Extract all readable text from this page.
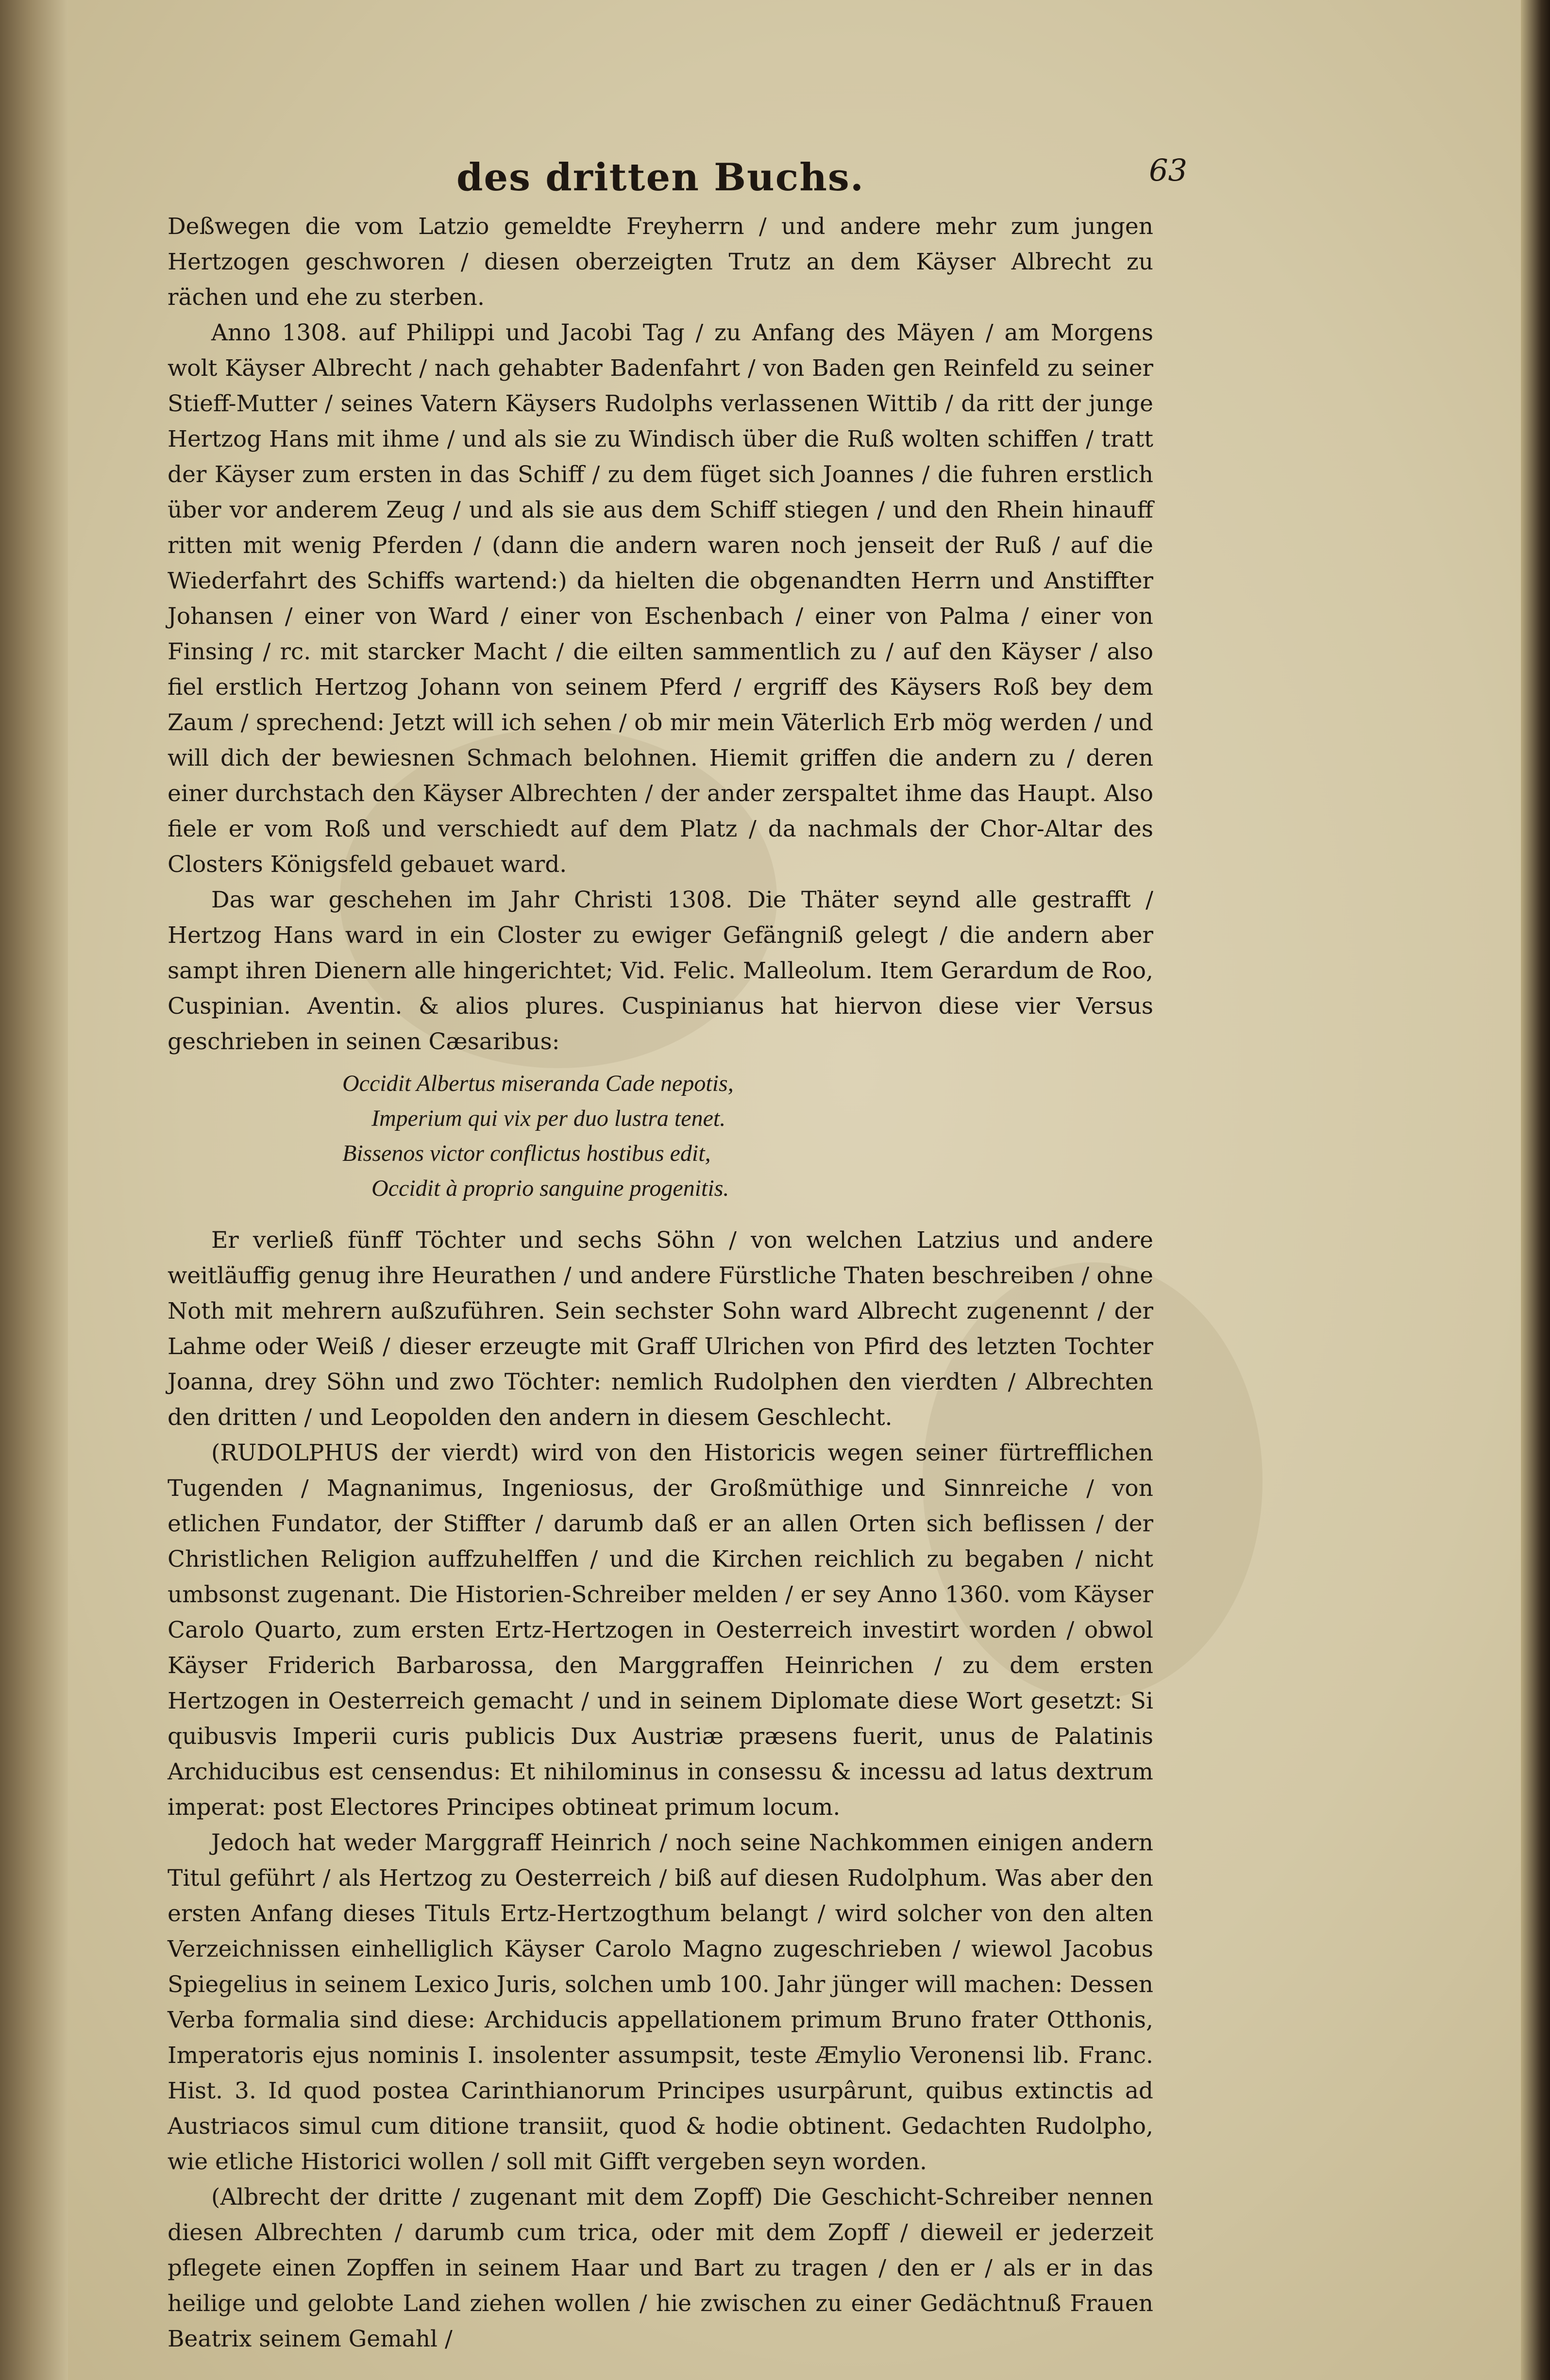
des dritten Buchs.	63

Deßwegen die vom Latzio gemeldte Freyherrn / und andere mehr zum jungen Hertzogen geschworen / diesen oberzeigten Trutz an dem Käyser Albrecht zu rächen und ehe zu sterben.

Anno 1308. auf Philippi und Jacobi Tag / zu Anfang des Mäyen / am Morgens wolt Käyser Albrecht / nach gehabter Badenfahrt / von Baden gen Reinfeld zu seiner Stieff-Mutter / seines Vatern Käysers Rudolphs verlassenen Wittib / da ritt der junge Hertzog Hans mit ihme / und als sie zu Windisch über die Ruß wolten schiffen / tratt der Käyser zum ersten in das Schiff / zu dem füget sich Joannes / die fuhren erstlich über vor anderem Zeug / und als sie aus dem Schiff stiegen / und den Rhein hinauff ritten mit wenig Pferden / (dann die andern waren noch jenseit der Ruß / auf die Wiederfahrt des Schiffs wartend:) da hielten die obgenandten Herrn und Anstiffter Johansen / einer von Ward / einer von Eschenbach / einer von Palma / einer von Finsing / rc. mit starcker Macht / die eilten sammentlich zu / auf den Käyser / also fiel erstlich Hertzog Johann von seinem Pferd / ergriff des Käysers Roß bey dem Zaum / sprechend: Jetzt will ich sehen / ob mir mein Väterlich Erb mög werden / und will dich der bewiesnen Schmach belohnen. Hiemit griffen die andern zu / deren einer durchstach den Käyser Albrechten / der ander zerspaltet ihme das Haupt. Also fiele er vom Roß und verschiedt auf dem Platz / da nachmals der Chor-Altar des Closters Königsfeld gebauet ward.

Das war geschehen im Jahr Christi 1308. Die Thäter seynd alle gestrafft / Hertzog Hans ward in ein Closter zu ewiger Gefängniß gelegt / die andern aber sampt ihren Dienern alle hingerichtet; Vid. Felic. Malleolum. Item Gerardum de Roo, Cuspinian. Aventin. & alios plures. Cuspinianus hat hiervon diese vier Versus geschrieben in seinen Cæsaribus:

Occidit Albertus miseranda Cade nepotis,
Imperium qui vix per duo lustra tenet.
Bissenos victor conflictus hostibus edit,
Occidit à proprio sanguine progenitis.

Er verließ fünff Töchter und sechs Söhn / von welchen Latzius und andere weitläuffig genug ihre Heurathen / und andere Fürstliche Thaten beschreiben / ohne Noth mit mehrern außzuführen. Sein sechster Sohn ward Albrecht zugenennt / der Lahme oder Weiß / dieser erzeugte mit Graff Ulrichen von Pfird des letzten Tochter Joanna, drey Söhn und zwo Töchter: nemlich Rudolphen den vierdten / Albrechten den dritten / und Leopolden den andern in diesem Geschlecht.

(RUDOLPHUS der vierdt) wird von den Historicis wegen seiner fürtrefflichen Tugenden / Magnanimus, Ingeniosus, der Großmüthige und Sinnreiche / von etlichen Fundator, der Stiffter / darumb daß er an allen Orten sich beflissen / der Christlichen Religion auffzuhelffen / und die Kirchen reichlich zu begaben / nicht umbsonst zugenant. Die Historien-Schreiber melden / er sey Anno 1360. vom Käyser Carolo Quarto, zum ersten Ertz-Hertzogen in Oesterreich investirt worden / obwol Käyser Friderich Barbarossa, den Marggraffen Heinrichen / zu dem ersten Hertzogen in Oesterreich gemacht / und in seinem Diplomate diese Wort gesetzt: Si quibusvis Imperii curis publicis Dux Austriæ præsens fuerit, unus de Palatinis Archiducibus est censendus: Et nihilominus in consessu & incessu ad latus dextrum imperat: post Electores Principes obtineat primum locum.

Jedoch hat weder Marggraff Heinrich / noch seine Nachkommen einigen andern Titul geführt / als Hertzog zu Oesterreich / biß auf diesen Rudolphum. Was aber den ersten Anfang dieses Tituls Ertz-Hertzogthum belangt / wird solcher von den alten Verzeichnissen einhelliglich Käyser Carolo Magno zugeschrieben / wiewol Jacobus Spiegelius in seinem Lexico Juris, solchen umb 100. Jahr jünger will machen: Dessen Verba formalia sind diese: Archiducis appellationem primum Bruno frater Otthonis, Imperatoris ejus nominis I. insolenter assumpsit, teste Æmylio Veronensi lib. Franc. Hist. 3. Id quod postea Carinthianorum Principes usurpârunt, quibus extinctis ad Austriacos simul cum ditione transiit, quod & hodie obtinent. Gedachten Rudolpho, wie etliche Historici wollen / soll mit Gifft vergeben seyn worden.

(Albrecht der dritte / zugenant mit dem Zopff) Die Geschicht-Schreiber nennen diesen Albrechten / darumb cum trica, oder mit dem Zopff / dieweil er jederzeit pflegete einen Zopffen in seinem Haar und Bart zu tragen / den er / als er in das heilige und gelobte Land ziehen wollen / hie zwischen zu einer Gedächtnuß Frauen Beatrix seinem Gemahl /
